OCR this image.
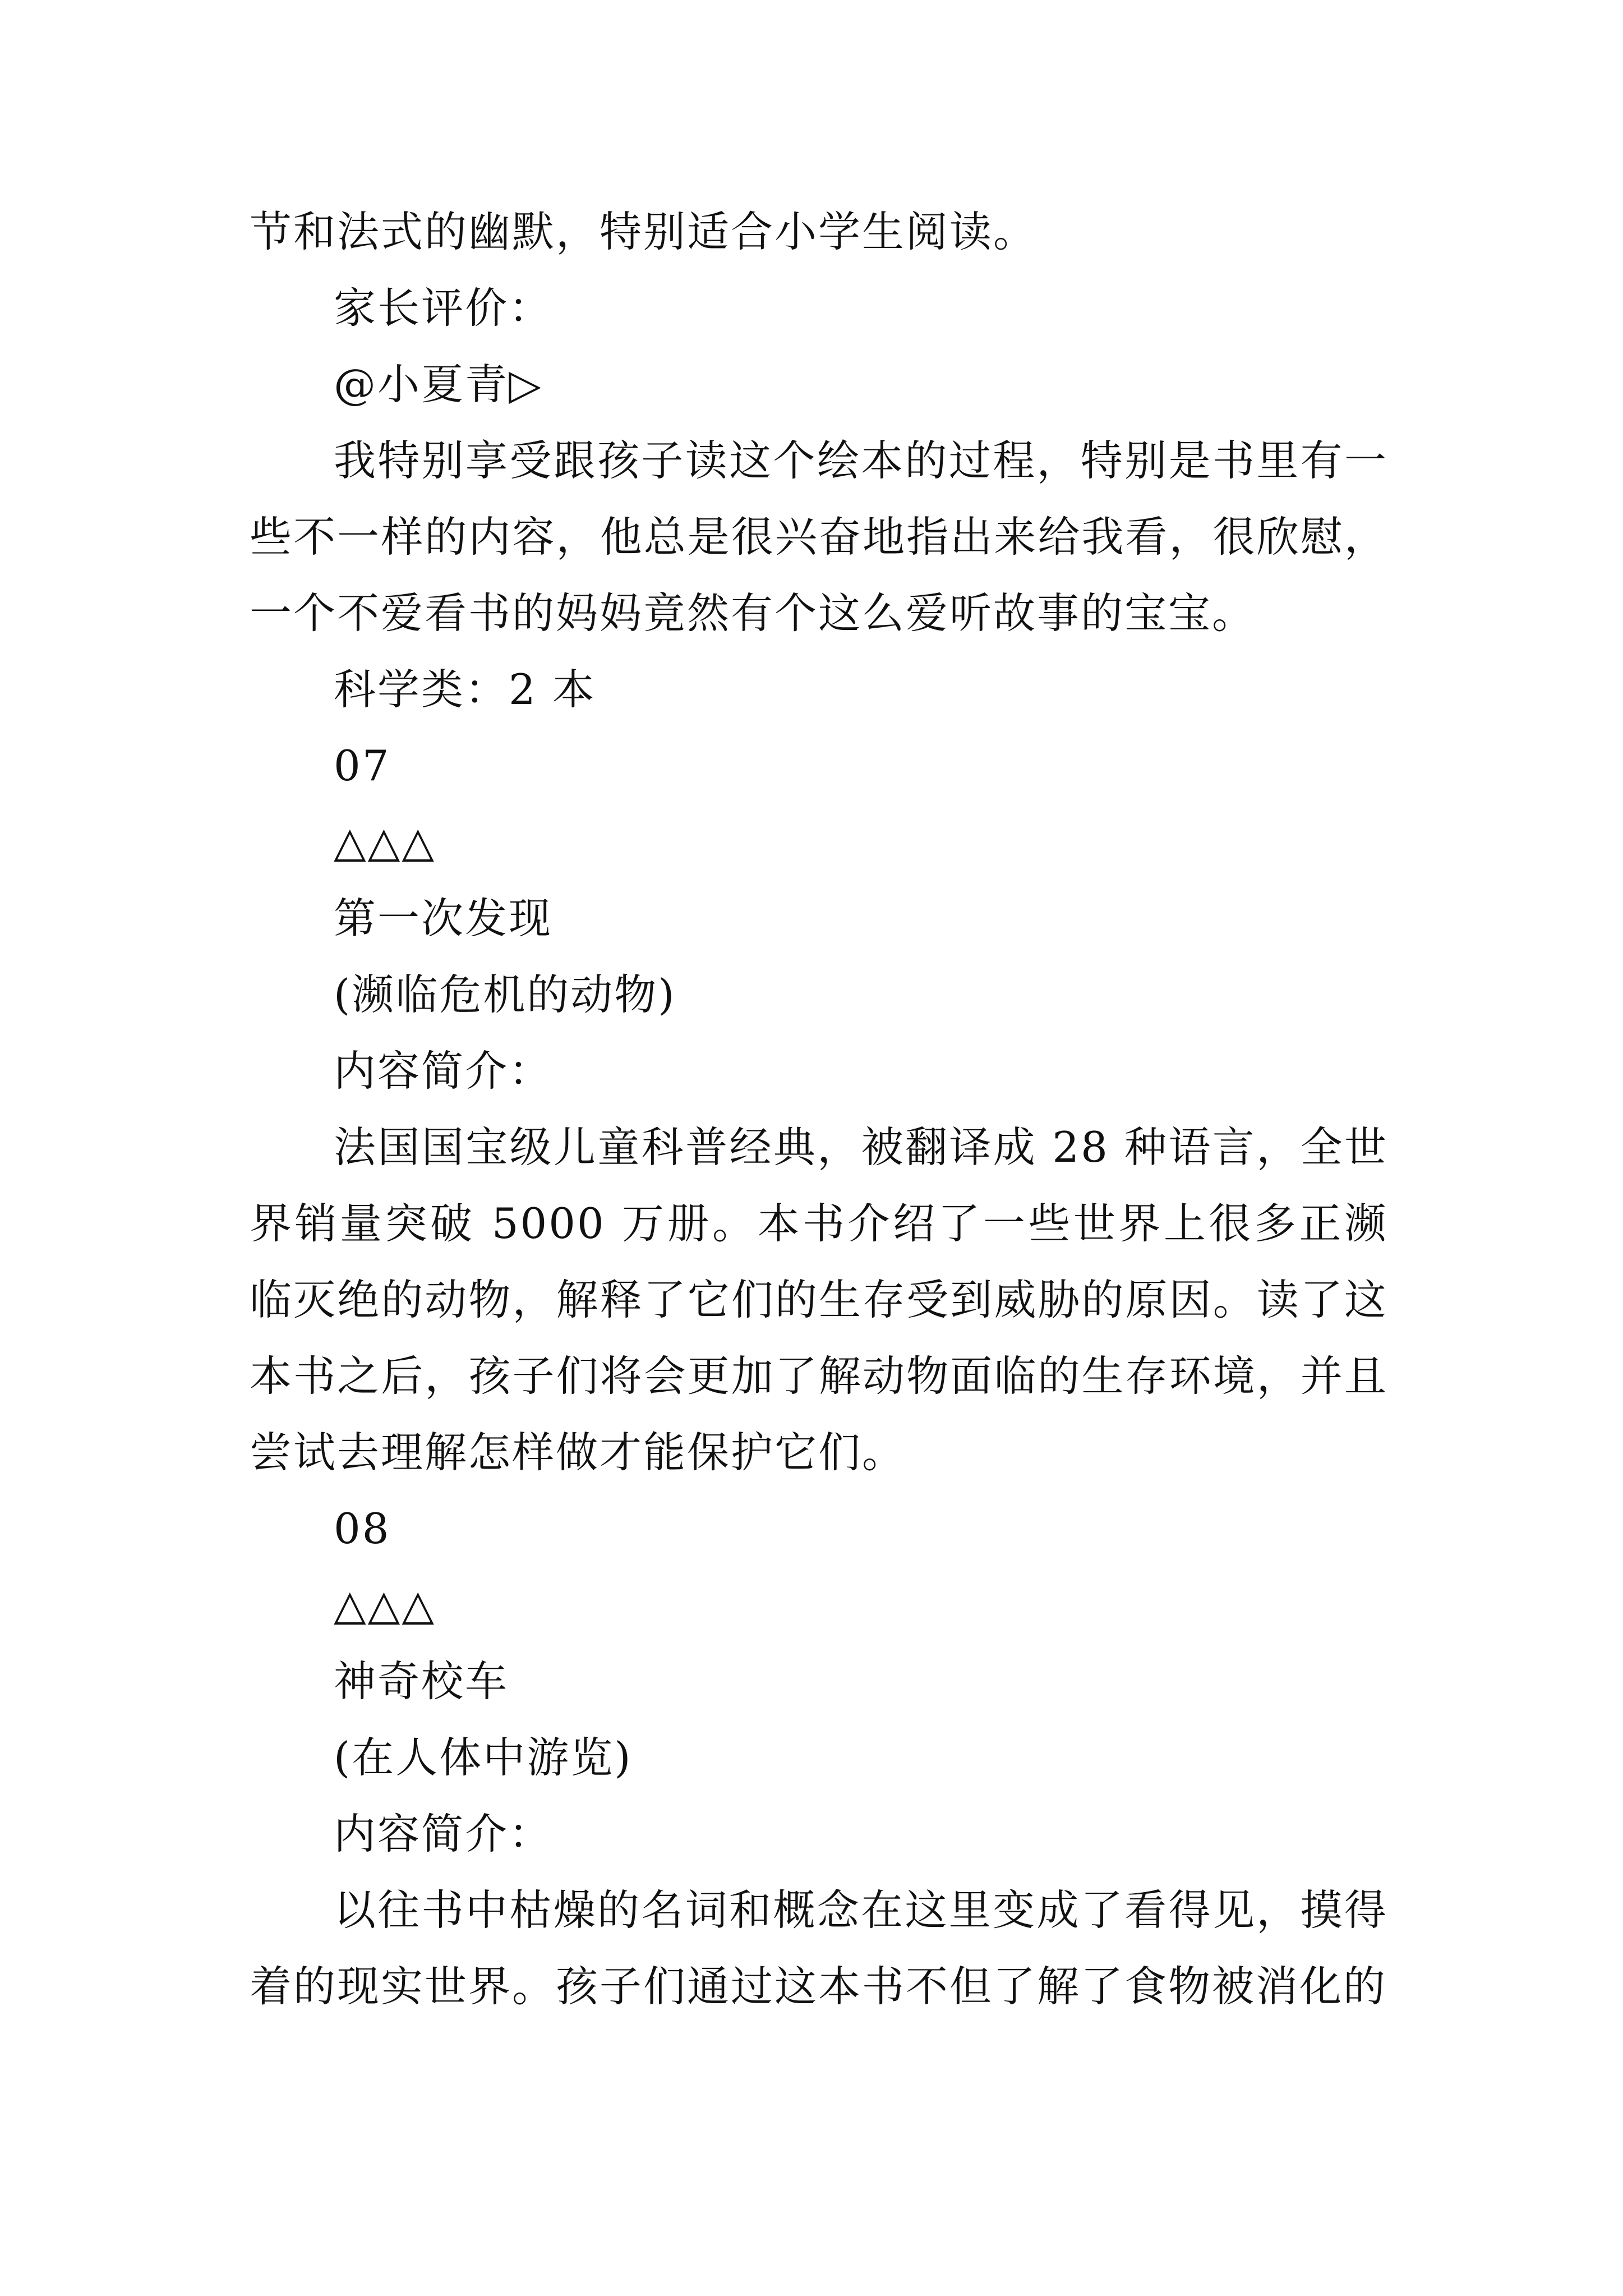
节和法式的幽默，特别适合小学生阅读。

家长评价：

@小夏青▷

我特别享受跟孩子读这个绘本的过程，特别是书里有一些不一样的内容，他总是很兴奋地指出来给我看，很欣慰，一个不爱看书的妈妈竟然有个这么爱听故事的宝宝。

科学类：2 本

07

△△△

第一次发现

(濒临危机的动物)

内容简介：

法国国宝级儿童科普经典，被翻译成 28 种语言，全世界销量突破 5000 万册。本书介绍了一些世界上很多正濒临灭绝的动物，解释了它们的生存受到威胁的原因。读了这本书之后，孩子们将会更加了解动物面临的生存环境，并且尝试去理解怎样做才能保护它们。

08

△△△

神奇校车

(在人体中游览)

内容简介：

以往书中枯燥的名词和概念在这里变成了看得见，摸得着的现实世界。孩子们通过这本书不但了解了食物被消化的
